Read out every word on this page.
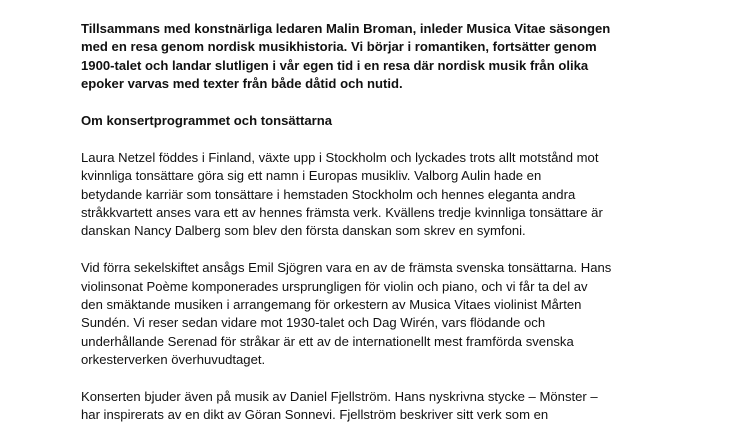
Tillsammans med konstnärliga ledaren Malin Broman, inleder Musica Vitae säsongen
med en resa genom nordisk musikhistoria. Vi börjar i romantiken, fortsätter genom
1900-talet och landar slutligen i vår egen tid i en resa där nordisk musik från olika
epoker varvas med texter från både dåtid och nutid.
Om konsertprogrammet och tonsättarna
Laura Netzel föddes i Finland, växte upp i Stockholm och lyckades trots allt motstånd mot
kvinnliga tonsättare göra sig ett namn i Europas musikliv. Valborg Aulin hade en
betydande karriär som tonsättare i hemstaden Stockholm och hennes eleganta andra
stråkkvartett anses vara ett av hennes främsta verk. Kvällens tredje kvinnliga tonsättare är
danskan Nancy Dalberg som blev den första danskan som skrev en symfoni.
Vid förra sekelskiftet ansågs Emil Sjögren vara en av de främsta svenska tonsättarna. Hans
violinsonat Poème komponerades ursprungligen för violin och piano, och vi får ta del av
den smäktande musiken i arrangemang för orkestern av Musica Vitaes violinist Mårten
Sundén. Vi reser sedan vidare mot 1930-talet och Dag Wirén, vars flödande och
underhållande Serenad för stråkar är ett av de internationellt mest framförda svenska
orkesterverken överhuvudtaget.
Konserten bjuder även på musik av Daniel Fjellström. Hans nyskrivna stycke – Mönster –
har inspirerats av en dikt av Göran Sonnevi. Fjellström beskriver sitt verk som en
